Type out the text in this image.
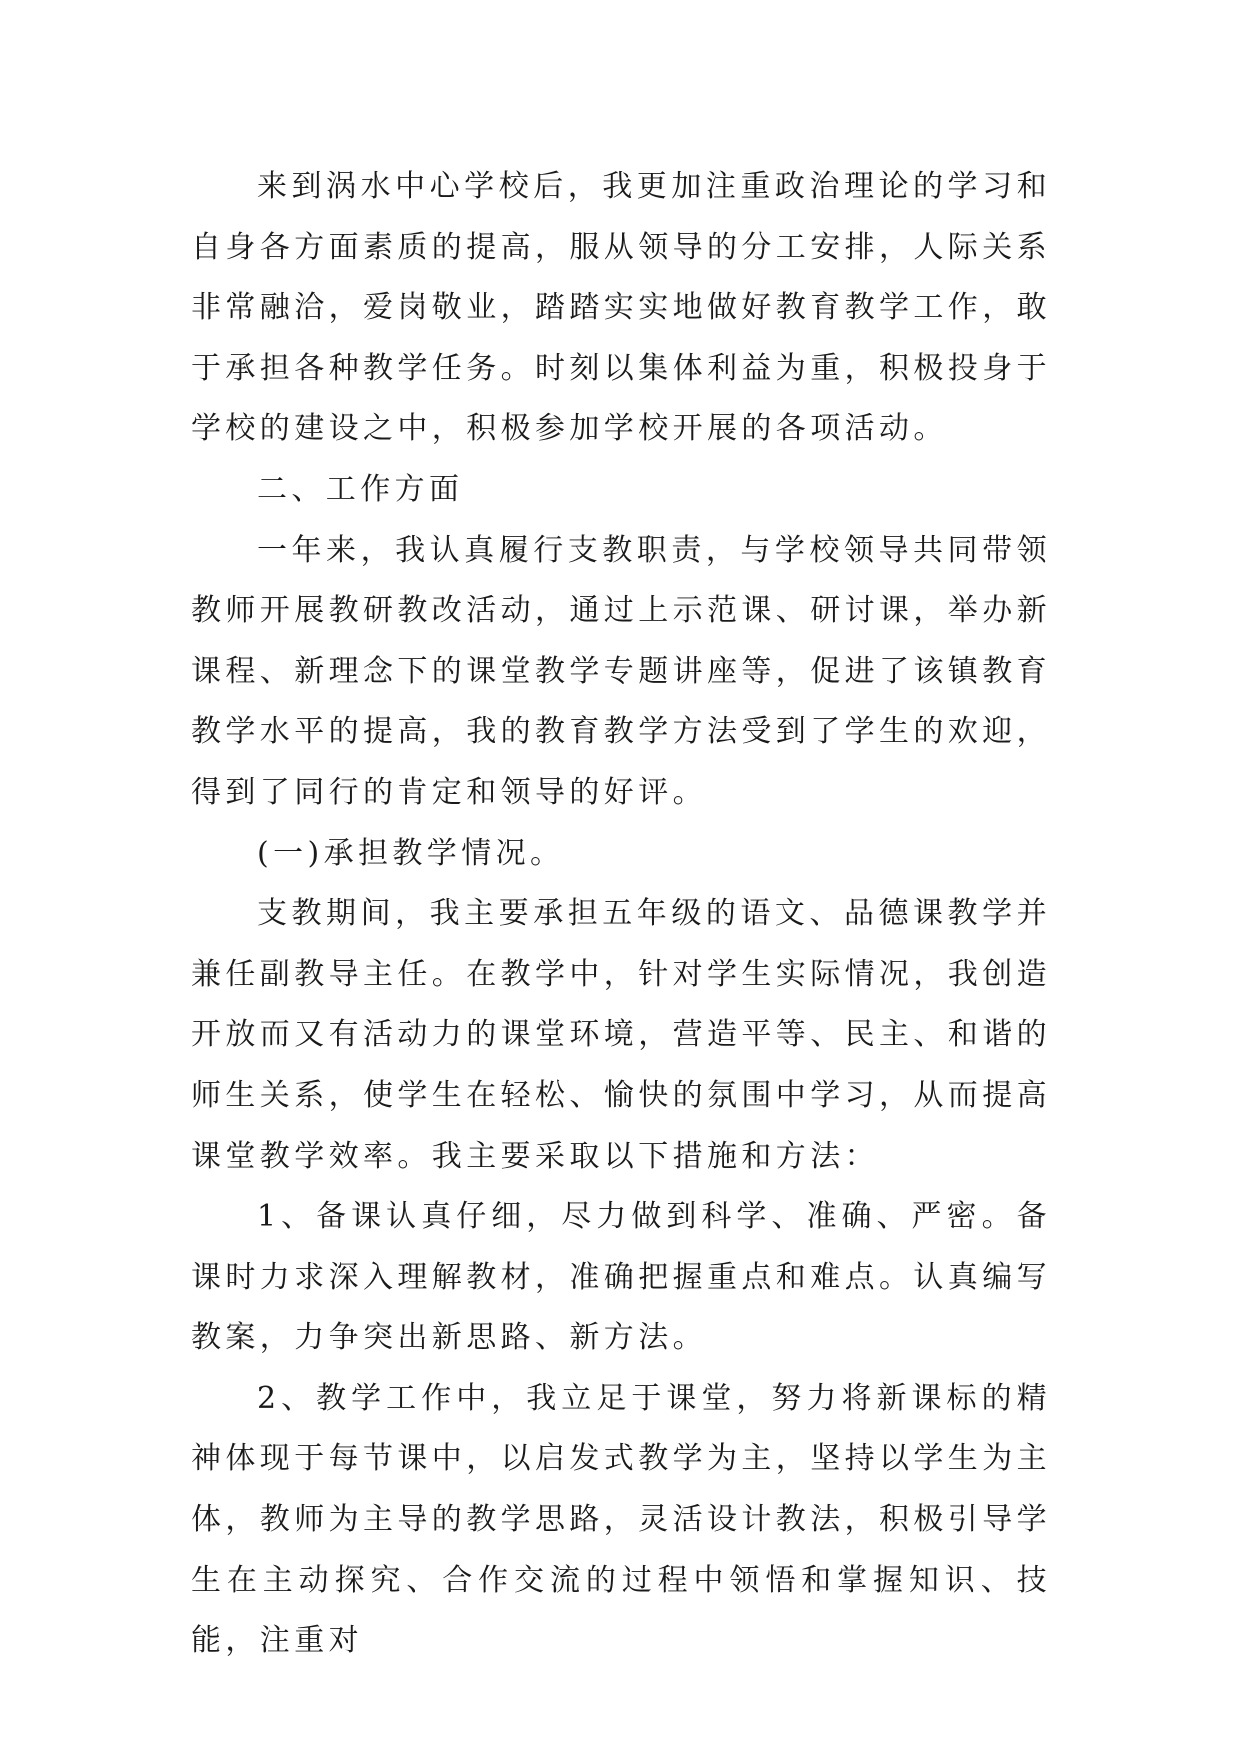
来到涡水中心学校后，我更加注重政治理论的学习和自身各方面素质的提高，服从领导的分工安排，人际关系非常融洽，爱岗敬业，踏踏实实地做好教育教学工作，敢于承担各种教学任务。时刻以集体利益为重，积极投身于学校的建设之中，积极参加学校开展的各项活动。

二、工作方面

一年来，我认真履行支教职责，与学校领导共同带领教师开展教研教改活动，通过上示范课、研讨课，举办新课程、新理念下的课堂教学专题讲座等，促进了该镇教育教学水平的提高，我的教育教学方法受到了学生的欢迎，得到了同行的肯定和领导的好评。

(一)承担教学情况。

支教期间，我主要承担五年级的语文、品德课教学并兼任副教导主任。在教学中，针对学生实际情况，我创造开放而又有活动力的课堂环境，营造平等、民主、和谐的师生关系，使学生在轻松、愉快的氛围中学习，从而提高课堂教学效率。我主要采取以下措施和方法：

1、备课认真仔细，尽力做到科学、准确、严密。备课时力求深入理解教材，准确把握重点和难点。认真编写教案，力争突出新思路、新方法。

2、教学工作中，我立足于课堂，努力将新课标的精神体现于每节课中，以启发式教学为主，坚持以学生为主体，教师为主导的教学思路，灵活设计教法，积极引导学生在主动探究、合作交流的过程中领悟和掌握知识、技能，注重对
